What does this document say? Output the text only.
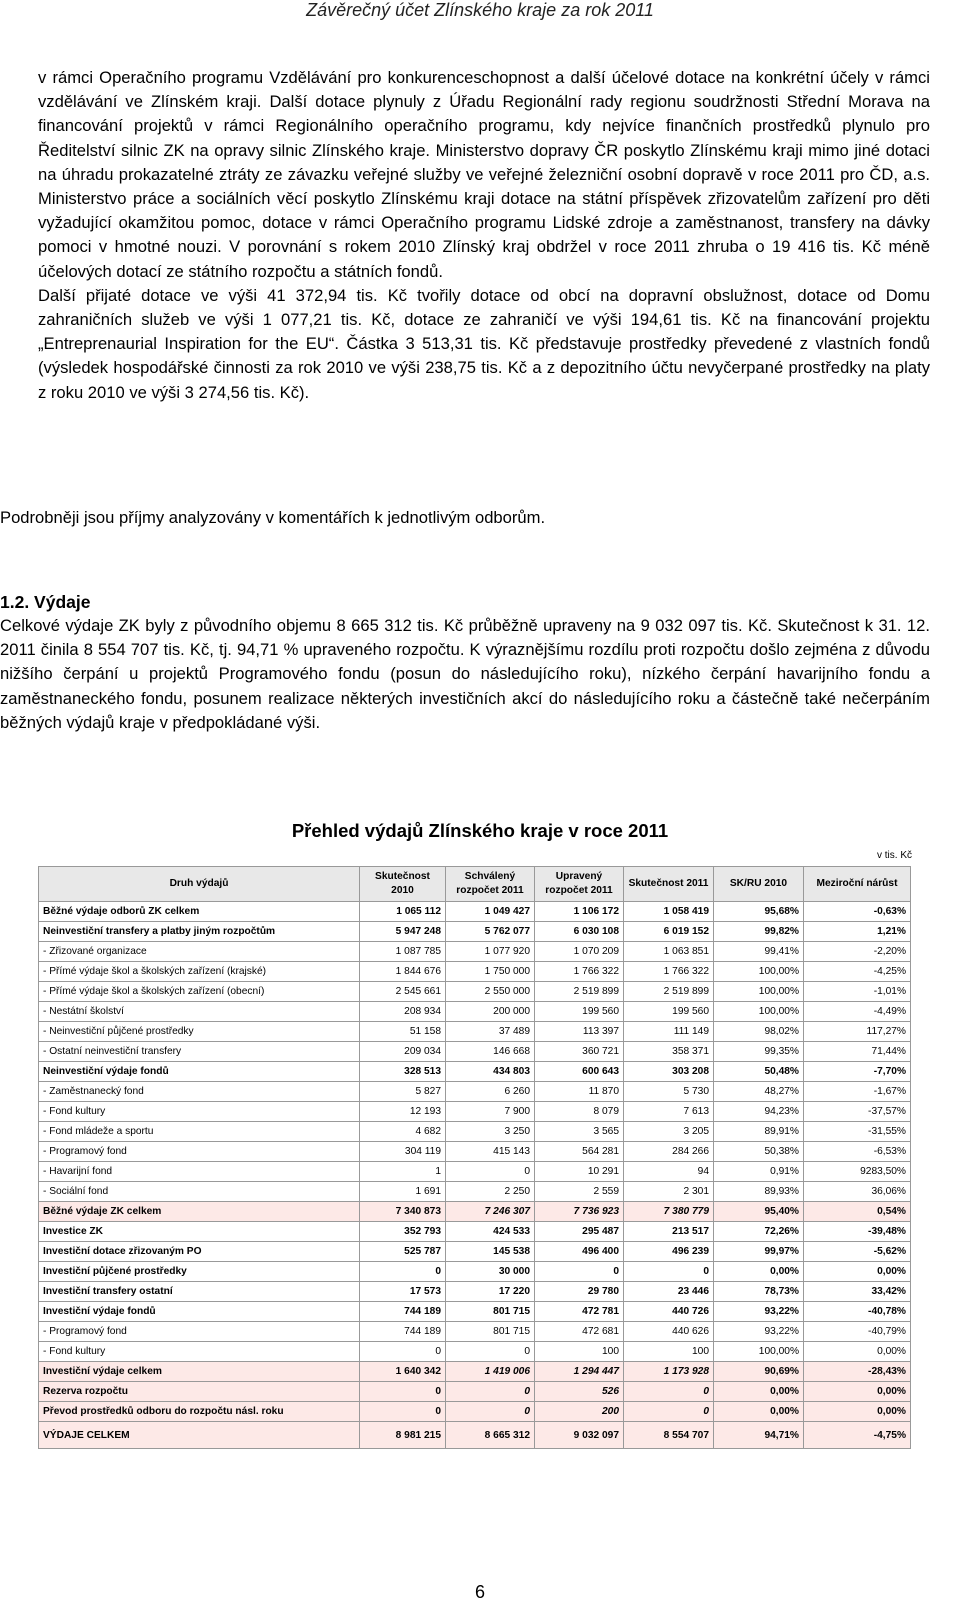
Závěrečný účet Zlínského kraje za rok 2011

v rámci Operačního programu Vzdělávání pro konkurenceschopnost a další účelové dotace na konkrétní účely v rámci vzdělávání ve Zlínském kraji. Další dotace plynuly z Úřadu Regionální rady regionu soudržnosti Střední Morava na financování projektů v rámci Regionálního operačního programu, kdy nejvíce finančních prostředků plynulo pro Ředitelství silnic ZK na opravy silnic Zlínského kraje. Ministerstvo dopravy ČR poskytlo Zlínskému kraji mimo jiné dotaci na úhradu prokazatelné ztráty ze závazku veřejné služby ve veřejné železniční osobní dopravě v roce 2011 pro ČD, a.s. Ministerstvo práce a sociálních věcí poskytlo Zlínskému kraji dotace na státní příspěvek zřizovatelům zařízení pro děti vyžadující okamžitou pomoc, dotace v rámci Operačního programu Lidské zdroje a zaměstnanost, transfery na dávky pomoci v hmotné nouzi. V porovnání s rokem 2010 Zlínský kraj obdržel v roce 2011 zhruba o 19 416 tis. Kč méně účelových dotací ze státního rozpočtu a státních fondů.

Další přijaté dotace ve výši 41 372,94 tis. Kč tvořily dotace od obcí na dopravní obslužnost, dotace od Domu zahraničních služeb ve výši 1 077,21 tis. Kč, dotace ze zahraničí ve výši 194,61 tis. Kč na financování projektu „Entreprenaurial Inspiration for the EU“. Částka 3 513,31 tis. Kč představuje prostředky převedené z vlastních fondů (výsledek hospodářské činnosti za rok 2010 ve výši 238,75 tis. Kč a z depozitního účtu nevyčerpané prostředky na platy z roku 2010 ve výši 3 274,56 tis. Kč).

Podrobněji jsou příjmy analyzovány v komentářích k jednotlivým odborům.

1.2. Výdaje

Celkové výdaje ZK byly z původního objemu 8 665 312 tis. Kč průběžně upraveny na 9 032 097 tis. Kč. Skutečnost k 31. 12. 2011 činila 8 554 707 tis. Kč, tj. 94,71 % upraveného rozpočtu. K výraznějšímu rozdílu proti rozpočtu došlo zejména z důvodu nižšího čerpání u projektů Programového fondu (posun do následujícího roku), nízkého čerpání havarijního fondu a zaměstnaneckého fondu, posunem realizace některých investičních akcí do následujícího roku a částečně také nečerpáním běžných výdajů kraje v předpokládané výši.

Přehled výdajů Zlínského kraje v roce 2011
v tis. Kč
Druh výdajů	Skutečnost 2010	Schválený rozpočet 2011	Upravený rozpočet 2011	Skutečnost 2011	SK/RU 2010	Meziroční nárůst
Běžné výdaje odborů ZK celkem	1 065 112	1 049 427	1 106 172	1 058 419	95,68%	-0,63%
Neinvestiční transfery a platby jiným rozpočtům	5 947 248	5 762 077	6 030 108	6 019 152	99,82%	1,21%
- Zřizované organizace	1 087 785	1 077 920	1 070 209	1 063 851	99,41%	-2,20%
- Přímé výdaje škol a školských zařízení (krajské)	1 844 676	1 750 000	1 766 322	1 766 322	100,00%	-4,25%
- Přímé výdaje škol a školských zařízení (obecní)	2 545 661	2 550 000	2 519 899	2 519 899	100,00%	-1,01%
- Nestátní školství	208 934	200 000	199 560	199 560	100,00%	-4,49%
- Neinvestiční půjčené prostředky	51 158	37 489	113 397	111 149	98,02%	117,27%
- Ostatní neinvestiční transfery	209 034	146 668	360 721	358 371	99,35%	71,44%
Neinvestiční výdaje fondů	328 513	434 803	600 643	303 208	50,48%	-7,70%
- Zaměstnanecký fond	5 827	6 260	11 870	5 730	48,27%	-1,67%
- Fond kultury	12 193	7 900	8 079	7 613	94,23%	-37,57%
- Fond mládeže a sportu	4 682	3 250	3 565	3 205	89,91%	-31,55%
- Programový fond	304 119	415 143	564 281	284 266	50,38%	-6,53%
- Havarijní fond	1	0	10 291	94	0,91%	9283,50%
- Sociální fond	1 691	2 250	2 559	2 301	89,93%	36,06%
Běžné výdaje ZK celkem	7 340 873	7 246 307	7 736 923	7 380 779	95,40%	0,54%
Investice ZK	352 793	424 533	295 487	213 517	72,26%	-39,48%
Investiční dotace zřizovaným PO	525 787	145 538	496 400	496 239	99,97%	-5,62%
Investiční půjčené prostředky	0	30 000	0	0	0,00%	0,00%
Investiční transfery ostatní	17 573	17 220	29 780	23 446	78,73%	33,42%
Investiční výdaje fondů	744 189	801 715	472 781	440 726	93,22%	-40,78%
- Programový fond	744 189	801 715	472 681	440 626	93,22%	-40,79%
- Fond kultury	0	0	100	100	100,00%	0,00%
Investiční výdaje celkem	1 640 342	1 419 006	1 294 447	1 173 928	90,69%	-28,43%
Rezerva rozpočtu	0	0	526	0	0,00%	0,00%
Převod prostředků odboru do rozpočtu násl. roku	0	0	200	0	0,00%	0,00%
VÝDAJE CELKEM	8 981 215	8 665 312	9 032 097	8 554 707	94,71%	-4,75%
6
